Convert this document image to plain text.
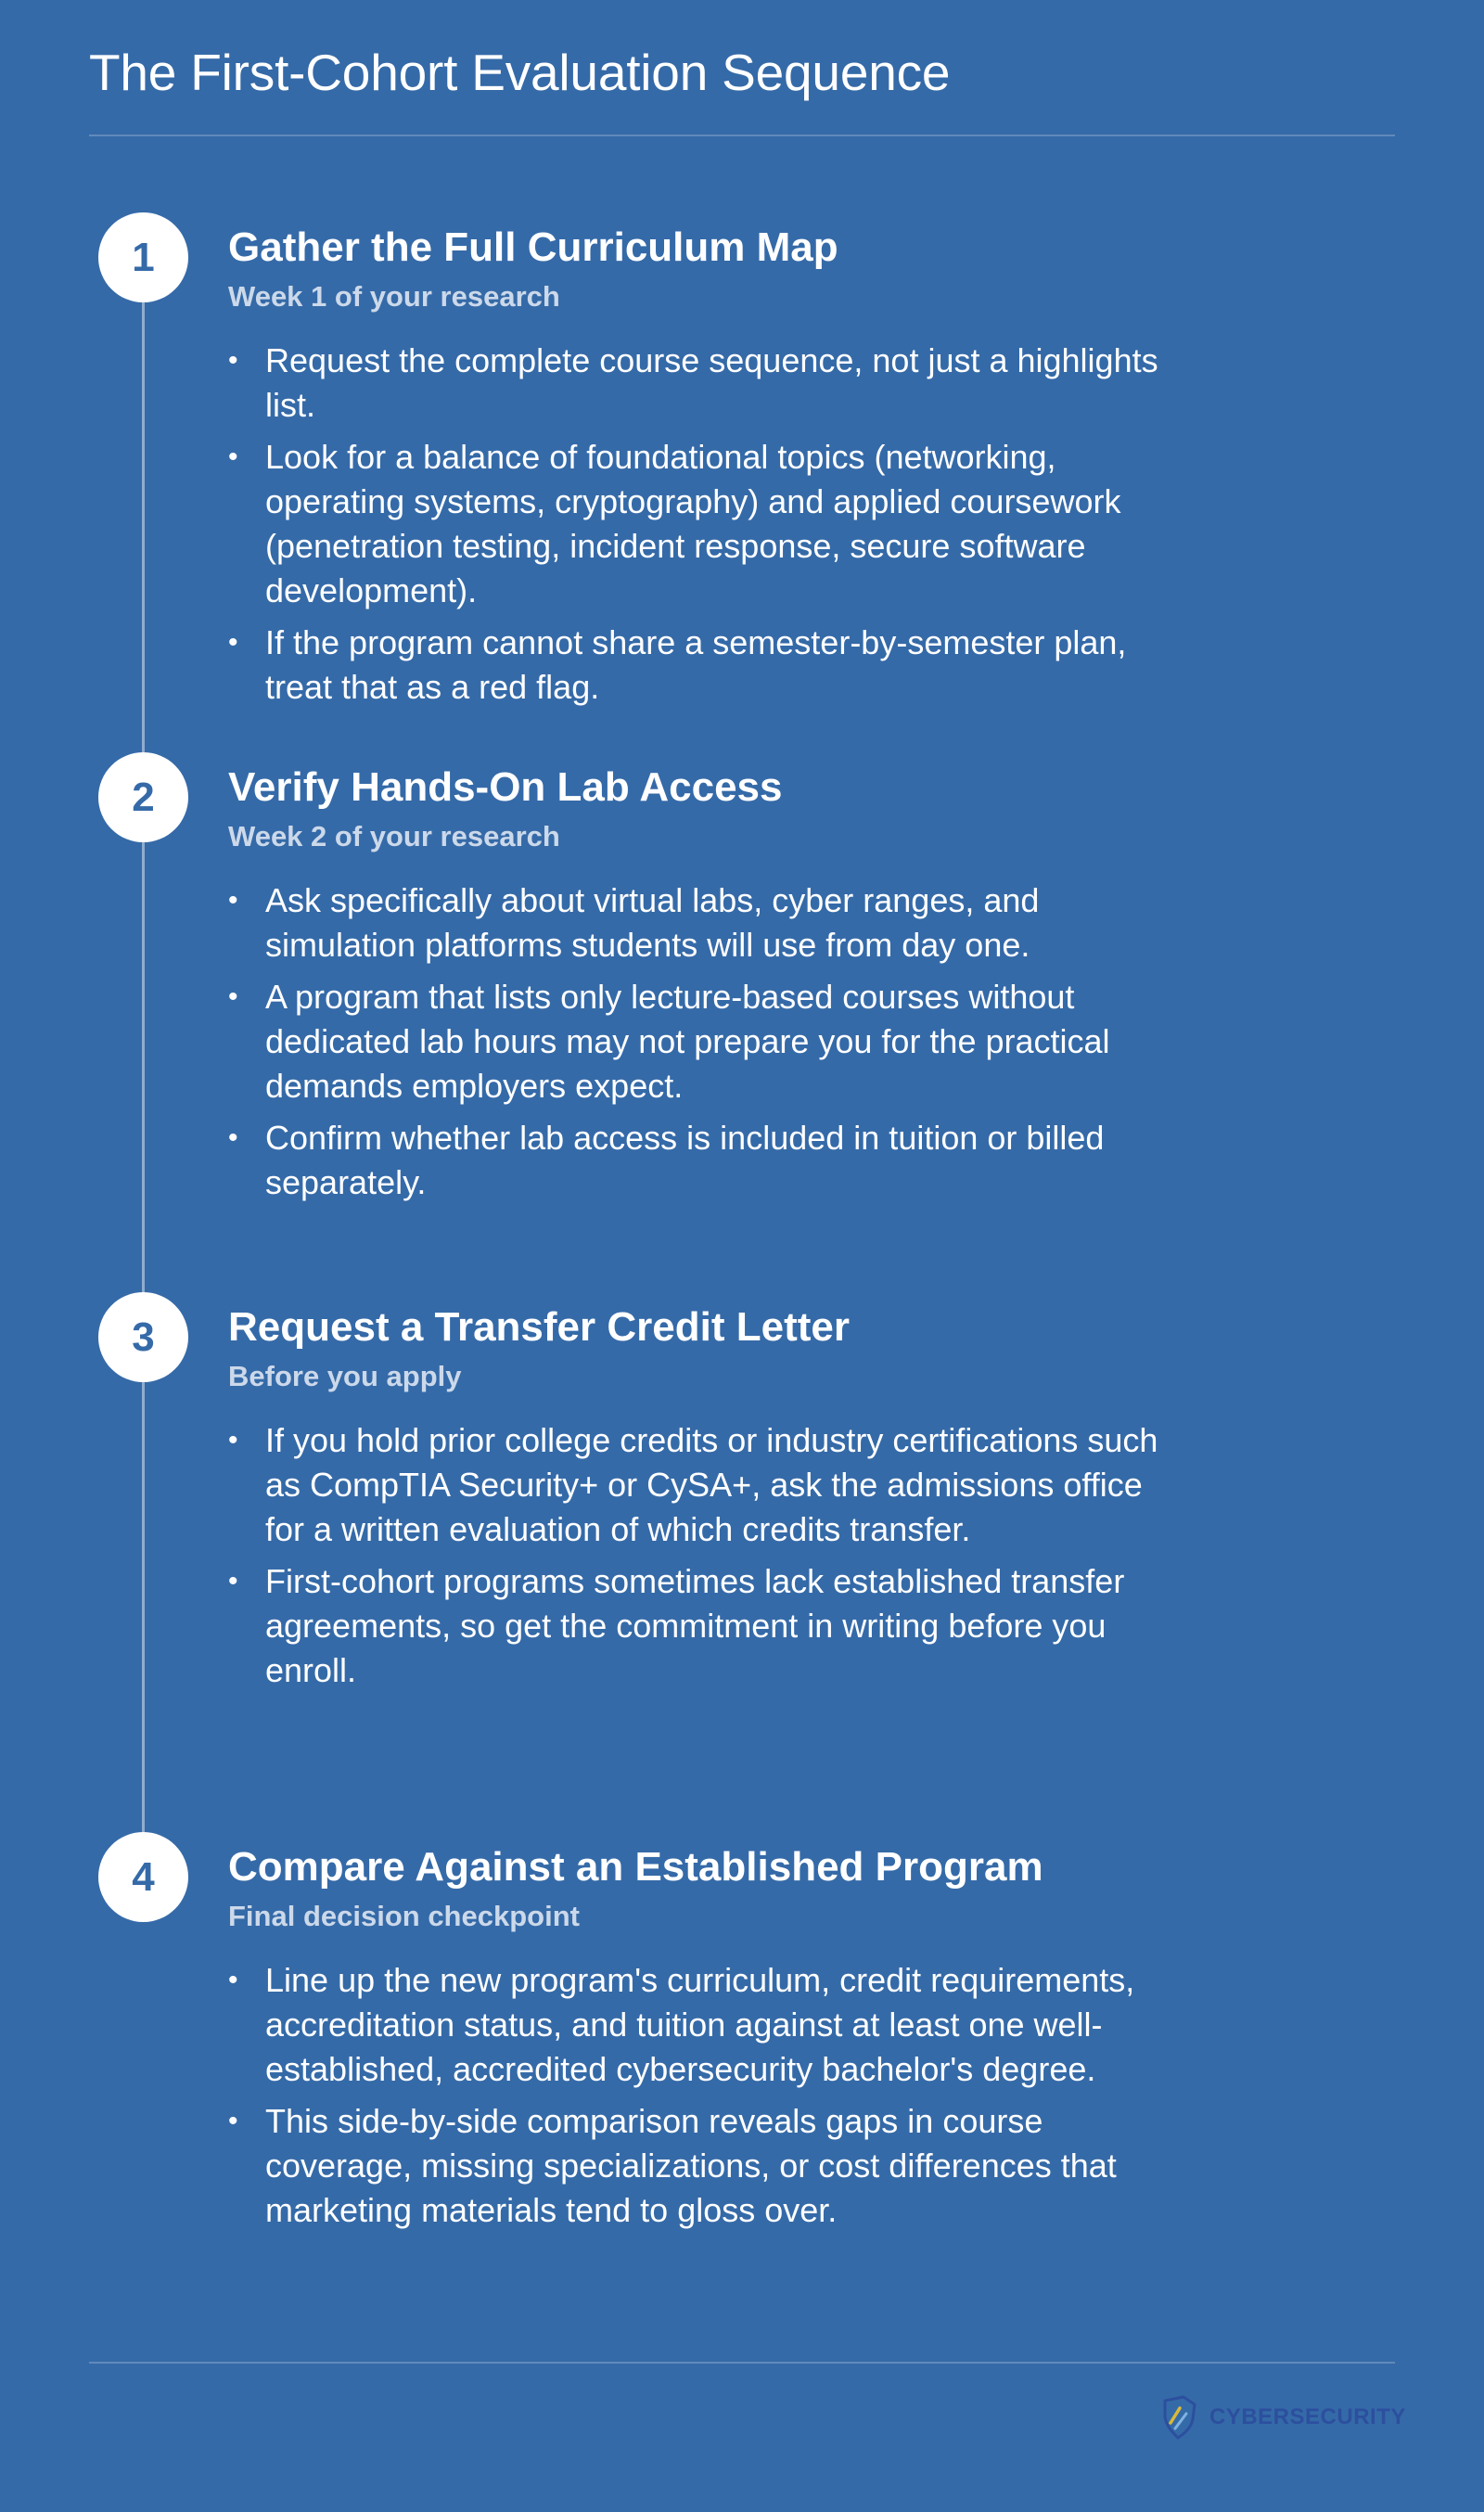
The First-Cohort Evaluation Sequence
1	Gather the Full Curriculum Map
Week 1 of your research
• Request the complete course sequence, not just a highlights list.
• Look for a balance of foundational topics (networking, operating systems, cryptography) and applied coursework (penetration testing, incident response, secure software development).
• If the program cannot share a semester-by-semester plan, treat that as a red flag.
2	Verify Hands-On Lab Access
Week 2 of your research
• Ask specifically about virtual labs, cyber ranges, and simulation platforms students will use from day one.
• A program that lists only lecture-based courses without dedicated lab hours may not prepare you for the practical demands employers expect.
• Confirm whether lab access is included in tuition or billed separately.
3	Request a Transfer Credit Letter
Before you apply
• If you hold prior college credits or industry certifications such as CompTIA Security+ or CySA+, ask the admissions office for a written evaluation of which credits transfer.
• First-cohort programs sometimes lack established transfer agreements, so get the commitment in writing before you enroll.
4	Compare Against an Established Program
Final decision checkpoint
• Line up the new program's curriculum, credit requirements, accreditation status, and tuition against at least one well-established, accredited cybersecurity bachelor's degree.
• This side-by-side comparison reveals gaps in course coverage, missing specializations, or cost differences that marketing materials tend to gloss over.
CYBERSECURITY
